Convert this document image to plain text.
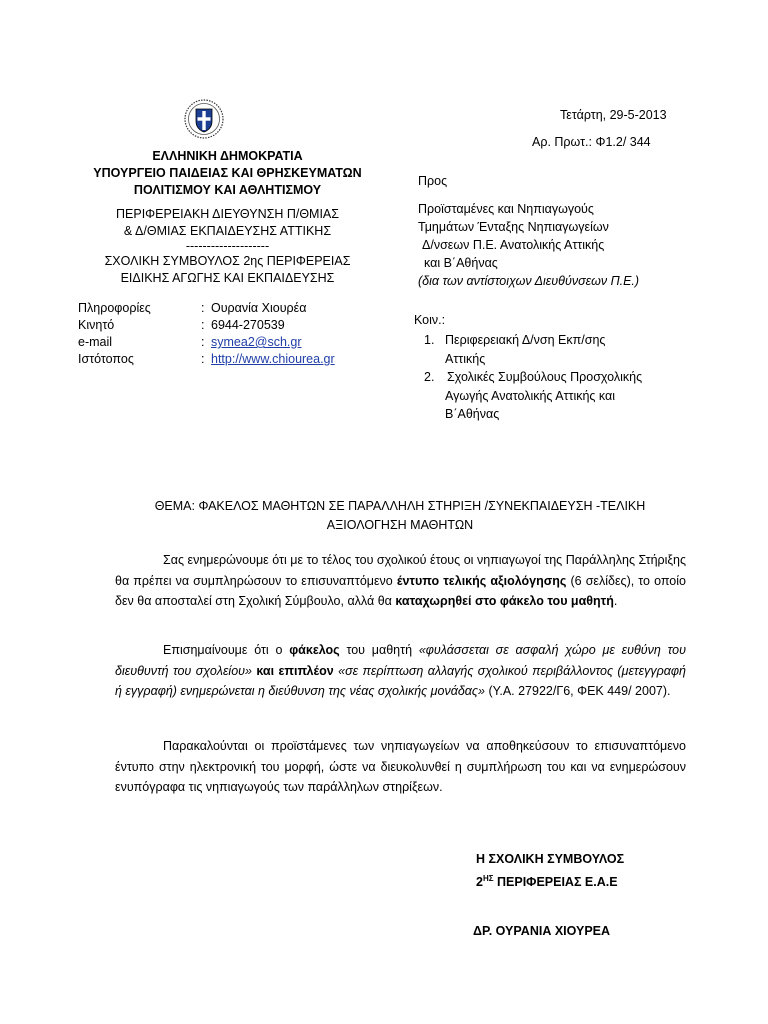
Τετάρτη, 29-5-2013
Αρ. Πρωτ.: Φ1.2/ 344
ΕΛΛΗΝΙΚΗ ΔΗΜΟΚΡΑΤΙΑ
ΥΠΟΥΡΓΕΙΟ ΠΑΙΔΕΙΑΣ ΚΑΙ ΘΡΗΣΚΕΥΜΑΤΩΝ
ΠΟΛΙΤΙΣΜΟΥ ΚΑΙ ΑΘΛΗΤΙΣΜΟΥ
ΠΕΡΙΦΕΡΕΙΑΚΗ ΔΙΕΥΘΥΝΣΗ Π/ΘΜΙΑΣ
& Δ/ΘΜΙΑΣ ΕΚΠΑΙΔΕΥΣΗΣ ΑΤΤΙΚΗΣ
--------------------
ΣΧΟΛΙΚΗ ΣΥΜΒΟΥΛΟΣ 2ης ΠΕΡΙΦΕΡΕΙΑΣ
ΕΙΔΙΚΗΣ ΑΓΩΓΗΣ ΚΑΙ ΕΚΠΑΙΔΕΥΣΗΣ
Πληροφορίες	: Ουρανία Χιουρέα
Κινητό	: 6944-270539
e-mail	: symea2@sch.gr
Ιστότοπος	: http://www.chiourea.gr
Προς
Προϊσταμένες και Νηπιαγωγούς
Τμημάτων Ένταξης Νηπιαγωγείων
Δ/νσεων Π.Ε. Ανατολικής Αττικής
και Β΄Αθήνας
(δια των αντίστοιχων Διευθύνσεων Π.Ε.)
Κοιν.:
1. Περιφερειακή Δ/νση Εκπ/σης
Αττικής
2. Σχολικές Συμβούλους Προσχολικής
Αγωγής Ανατολικής Αττικής και
Β΄Αθήνας
ΘΕΜΑ: ΦΑΚΕΛΟΣ ΜΑΘΗΤΩΝ ΣΕ ΠΑΡΑΛΛΗΛΗ ΣΤΗΡΙΞΗ /ΣΥΝΕΚΠΑΙΔΕΥΣΗ -ΤΕΛΙΚΗ
ΑΞΙΟΛΟΓΗΣΗ ΜΑΘΗΤΩΝ

Σας ενημερώνουμε ότι με το τέλος του σχολικού έτους οι νηπιαγωγοί της Παράλληλης Στήριξης θα πρέπει να συμπληρώσουν το επισυναπτόμενο έντυπο τελικής αξιολόγησης (6 σελίδες), το οποίο δεν θα αποσταλεί στη Σχολική Σύμβουλο, αλλά θα καταχωρηθεί στο φάκελο του μαθητή.

Επισημαίνουμε ότι ο φάκελος του μαθητή «φυλάσσεται σε ασφαλή χώρο με ευθύνη του διευθυντή του σχολείου» και επιπλέον «σε περίπτωση αλλαγής σχολικού περιβάλλοντος (μετεγγραφή ή εγγραφή) ενημερώνεται η διεύθυνση της νέας σχολικής μονάδας» (Υ.Α. 27922/Γ6, ΦΕΚ 449/ 2007).

Παρακαλούνται οι προϊστάμενες των νηπιαγωγείων να αποθηκεύσουν το επισυναπτόμενο έντυπο στην ηλεκτρονική του μορφή, ώστε να διευκολυνθεί η συμπλήρωση του και να ενημερώσουν ενυπόγραφα τις νηπιαγωγούς των παράλληλων στηρίξεων.

Η ΣΧΟΛΙΚΗ ΣΥΜΒΟΥΛΟΣ
$2^{H\Sigma}$ ΠΕΡΙΦΕΡΕΙΑΣ Ε.Α.Ε
ΔΡ. ΟΥΡΑΝΙΑ ΧΙΟΥΡΕΑ
